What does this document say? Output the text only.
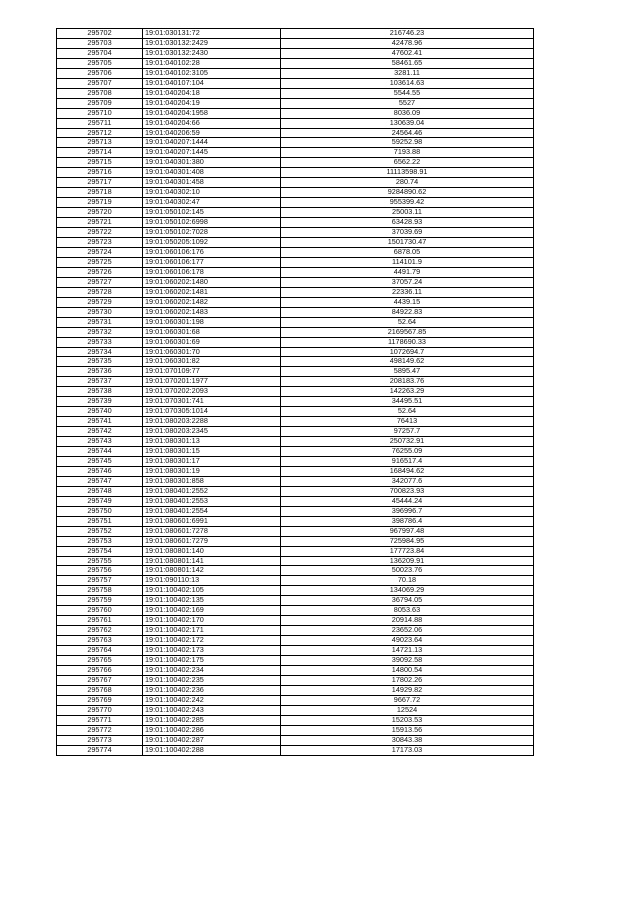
295702	19:01:030131:72	216746.23
295703	19:01:030132:2429	42478.96
295704	19:01:030132:2430	47602.41
295705	19:01:040102:28	58461.65
295706	19:01:040102:3105	3281.11
295707	19:01:040107:104	103614.63
295708	19:01:040204:18	5544.55
295709	19:01:040204:19	5527
295710	19:01:040204:1958	8036.09
295711	19:01:040204:66	130639.04
295712	19:01:040206:59	24564.46
295713	19:01:040207:1444	59252.98
295714	19:01:040207:1445	7193.88
295715	19:01:040301:380	6562.22
295716	19:01:040301:408	11113598.91
295717	19:01:040301:458	280.74
295718	19:01:040302:10	9284890.62
295719	19:01:040302:47	955399.42
295720	19:01:050102:145	25003.11
295721	19:01:050102:6998	63428.93
295722	19:01:050102:7028	37039.69
295723	19:01:050205:1092	1501730.47
295724	19:01:060106:176	6878.05
295725	19:01:060106:177	114101.9
295726	19:01:060106:178	4491.79
295727	19:01:060202:1480	37057.24
295728	19:01:060202:1481	22336.11
295729	19:01:060202:1482	4439.15
295730	19:01:060202:1483	84922.83
295731	19:01:060301:198	52.64
295732	19:01:060301:68	2169567.85
295733	19:01:060301:69	1178690.33
295734	19:01:060301:70	1072694.7
295735	19:01:060301:82	498149.62
295736	19:01:070109:77	5895.47
295737	19:01:070201:1977	208183.76
295738	19:01:070202:2093	142263.29
295739	19:01:070301:741	34495.51
295740	19:01:070305:1014	52.64
295741	19:01:080203:2288	76413
295742	19:01:080203:2345	97257.7
295743	19:01:080301:13	250732.91
295744	19:01:080301:15	76255.09
295745	19:01:080301:17	916517.4
295746	19:01:080301:19	168494.62
295747	19:01:080301:858	342077.6
295748	19:01:080401:2552	700823.93
295749	19:01:080401:2553	45444.24
295750	19:01:080401:2554	396996.7
295751	19:01:080601:6991	398786.4
295752	19:01:080601:7278	967997.48
295753	19:01:080601:7279	725984.95
295754	19:01:080801:140	177723.84
295755	19:01:080801:141	136209.91
295756	19:01:080801:142	50023.76
295757	19:01:090110:13	70.18
295758	19:01:100402:105	134069.29
295759	19:01:100402:135	36794.05
295760	19:01:100402:169	8053.63
295761	19:01:100402:170	20914.88
295762	19:01:100402:171	23652.06
295763	19:01:100402:172	49023.64
295764	19:01:100402:173	14721.13
295765	19:01:100402:175	39092.58
295766	19:01:100402:234	14800.54
295767	19:01:100402:235	17802.26
295768	19:01:100402:236	14929.82
295769	19:01:100402:242	9667.72
295770	19:01:100402:243	12524
295771	19:01:100402:285	15203.53
295772	19:01:100402:286	15913.56
295773	19:01:100402:287	30843.38
295774	19:01:100402:288	17173.03
